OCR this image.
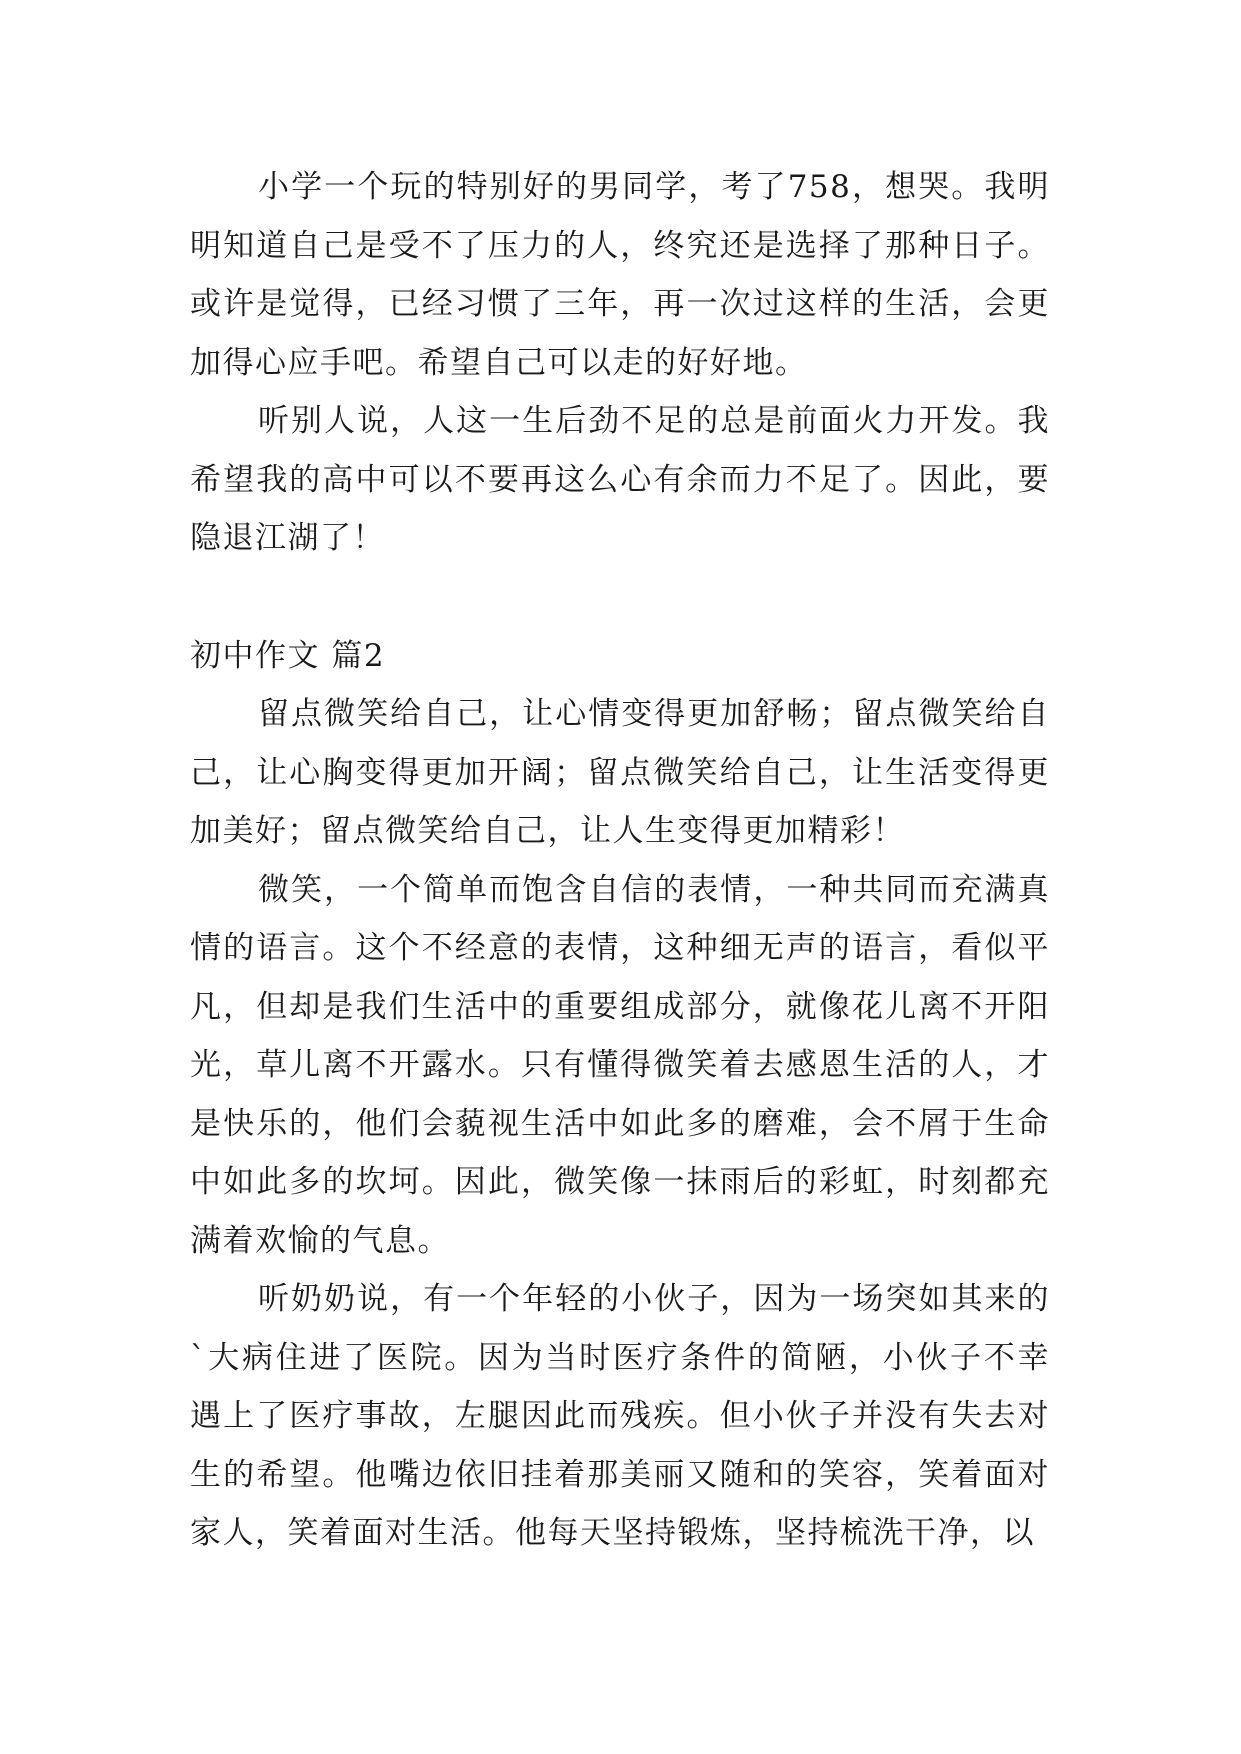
小学一个玩的特别好的男同学，考了758，想哭。我明明知道自己是受不了压力的人，终究还是选择了那种日子。或许是觉得，已经习惯了三年，再一次过这样的生活，会更加得心应手吧。希望自己可以走的好好地。

听别人说，人这一生后劲不足的总是前面火力开发。我希望我的高中可以不要再这么心有余而力不足了。因此，要隐退江湖了！

初中作文 篇2

留点微笑给自己，让心情变得更加舒畅；留点微笑给自己，让心胸变得更加开阔；留点微笑给自己，让生活变得更加美好；留点微笑给自己，让人生变得更加精彩！

微笑，一个简单而饱含自信的表情，一种共同而充满真情的语言。这个不经意的表情，这种细无声的语言，看似平凡，但却是我们生活中的重要组成部分，就像花儿离不开阳光，草儿离不开露水。只有懂得微笑着去感恩生活的人，才是快乐的，他们会藐视生活中如此多的磨难，会不屑于生命中如此多的坎坷。因此，微笑像一抹雨后的彩虹，时刻都充满着欢愉的气息。

听奶奶说，有一个年轻的小伙子，因为一场突如其来的`大病住进了医院。因为当时医疗条件的简陋，小伙子不幸遇上了医疗事故，左腿因此而残疾。但小伙子并没有失去对生的希望。他嘴边依旧挂着那美丽又随和的笑容，笑着面对家人，笑着面对生活。他每天坚持锻炼，坚持梳洗干净，以
